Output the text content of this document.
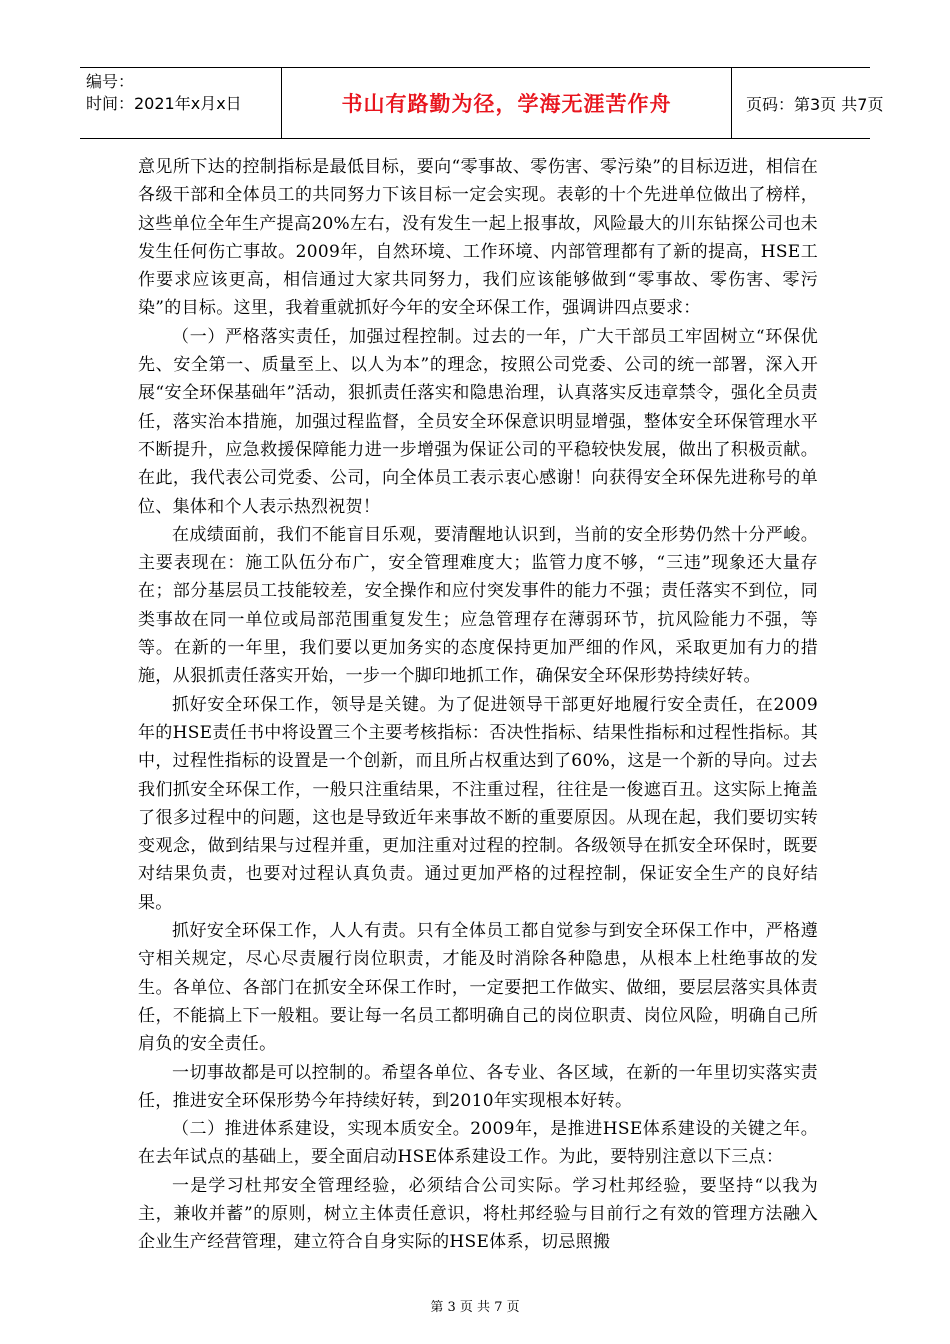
编号：
时间：2021年x月x日	书山有路勤为径，学海无涯苦作舟	页码：第3页 共7页

意见所下达的控制指标是最低目标，要向“零事故、零伤害、零污染”的目标迈进，相信在各级干部和全体员工的共同努力下该目标一定会实现。表彰的十个先进单位做出了榜样，这些单位全年生产提高20%左右，没有发生一起上报事故，风险最大的川东钻探公司也未发生任何伤亡事故。2009年，自然环境、工作环境、内部管理都有了新的提高，HSE工作要求应该更高，相信通过大家共同努力，我们应该能够做到“零事故、零伤害、零污染”的目标。这里，我着重就抓好今年的安全环保工作，强调讲四点要求：

（一）严格落实责任，加强过程控制。过去的一年，广大干部员工牢固树立“环保优先、安全第一、质量至上、以人为本”的理念，按照公司党委、公司的统一部署，深入开展“安全环保基础年”活动，狠抓责任落实和隐患治理，认真落实反违章禁令，强化全员责任，落实治本措施，加强过程监督，全员安全环保意识明显增强，整体安全环保管理水平不断提升，应急救援保障能力进一步增强为保证公司的平稳较快发展，做出了积极贡献。在此，我代表公司党委、公司，向全体员工表示衷心感谢！向获得安全环保先进称号的单位、集体和个人表示热烈祝贺！

在成绩面前，我们不能盲目乐观，要清醒地认识到，当前的安全形势仍然十分严峻。主要表现在：施工队伍分布广，安全管理难度大；监管力度不够，“三违”现象还大量存在；部分基层员工技能较差，安全操作和应付突发事件的能力不强；责任落实不到位，同类事故在同一单位或局部范围重复发生；应急管理存在薄弱环节，抗风险能力不强，等等。在新的一年里，我们要以更加务实的态度保持更加严细的作风，采取更加有力的措施，从狠抓责任落实开始，一步一个脚印地抓工作，确保安全环保形势持续好转。

抓好安全环保工作，领导是关键。为了促进领导干部更好地履行安全责任，在2009年的HSE责任书中将设置三个主要考核指标：否决性指标、结果性指标和过程性指标。其中，过程性指标的设置是一个创新，而且所占权重达到了60%，这是一个新的导向。过去我们抓安全环保工作，一般只注重结果，不注重过程，往往是一俊遮百丑。这实际上掩盖了很多过程中的问题，这也是导致近年来事故不断的重要原因。从现在起，我们要切实转变观念，做到结果与过程并重，更加注重对过程的控制。各级领导在抓安全环保时，既要对结果负责，也要对过程认真负责。通过更加严格的过程控制，保证安全生产的良好结果。

抓好安全环保工作，人人有责。只有全体员工都自觉参与到安全环保工作中，严格遵守相关规定，尽心尽责履行岗位职责，才能及时消除各种隐患，从根本上杜绝事故的发生。各单位、各部门在抓安全环保工作时，一定要把工作做实、做细，要层层落实具体责任，不能搞上下一般粗。要让每一名员工都明确自己的岗位职责、岗位风险，明确自己所肩负的安全责任。

一切事故都是可以控制的。希望各单位、各专业、各区域，在新的一年里切实落实责任，推进安全环保形势今年持续好转，到2010年实现根本好转。

（二）推进体系建设，实现本质安全。2009年，是推进HSE体系建设的关键之年。在去年试点的基础上，要全面启动HSE体系建设工作。为此，要特别注意以下三点：

一是学习杜邦安全管理经验，必须结合公司实际。学习杜邦经验，要坚持“以我为主，兼收并蓄”的原则，树立主体责任意识，将杜邦经验与目前行之有效的管理方法融入企业生产经营管理，建立符合自身实际的HSE体系，切忌照搬

第 3 页 共 7 页
